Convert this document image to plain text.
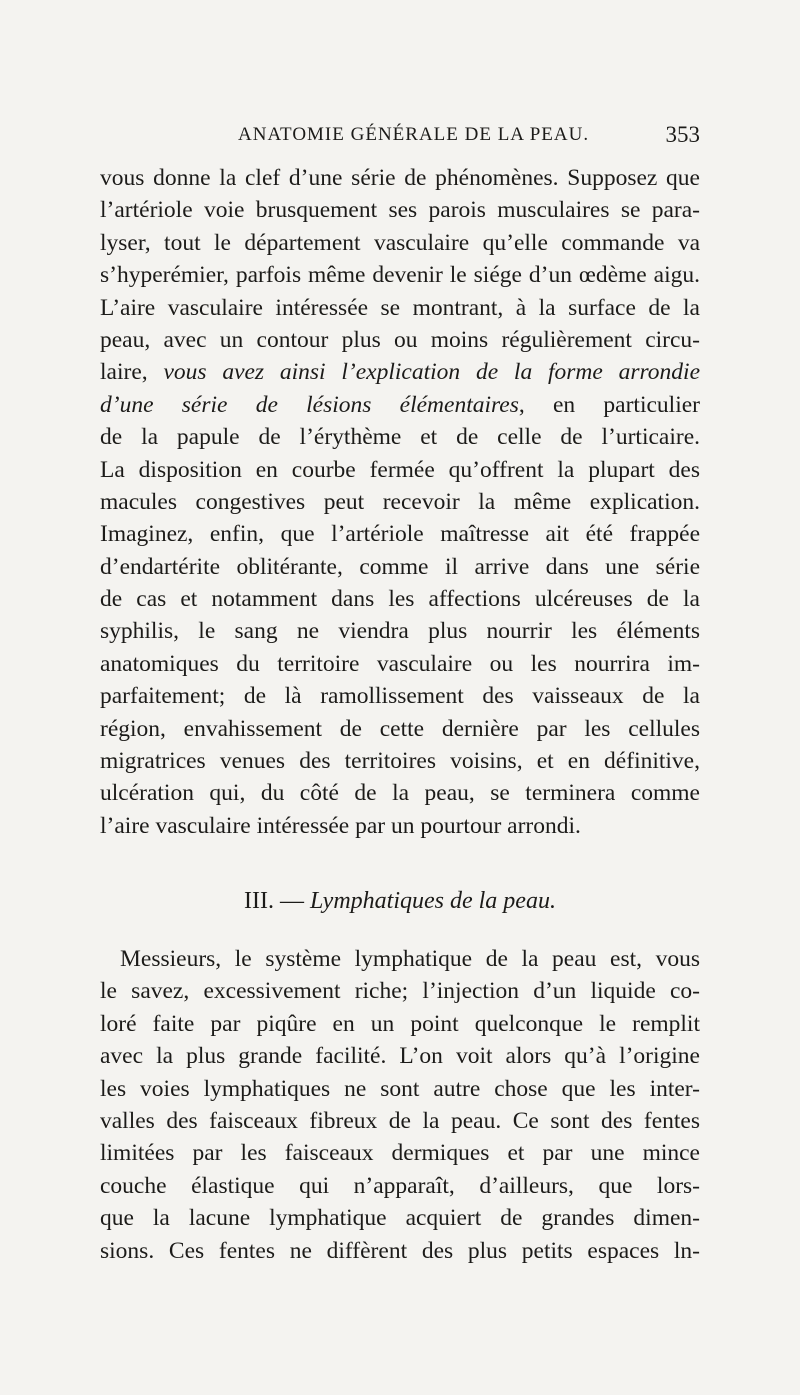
ANATOMIE GÉNÉRALE DE LA PEAU.	353
vous donne la clef d’une série de phénomènes. Supposez que
l’artériole voie brusquement ses parois musculaires se para-
lyser, tout le département vasculaire qu’elle commande va
s’hyperémier, parfois même devenir le siége d’un œdème aigu.
L’aire vasculaire intéressée se montrant, à la surface de la
peau, avec un contour plus ou moins régulièrement circu-
laire, vous avez ainsi l’explication de la forme arrondie
d’une série de lésions élémentaires, en particulier
de la papule de l’érythème et de celle de l’urticaire.
La disposition en courbe fermée qu’offrent la plupart des
macules congestives peut recevoir la même explication.
Imaginez, enfin, que l’artériole maîtresse ait été frappée
d’endartérite oblitérante, comme il arrive dans une série
de cas et notamment dans les affections ulcéreuses de la
syphilis, le sang ne viendra plus nourrir les éléments
anatomiques du territoire vasculaire ou les nourrira im-
parfaitement; de là ramollissement des vaisseaux de la
région, envahissement de cette dernière par les cellules
migratrices venues des territoires voisins, et en définitive,
ulcération qui, du côté de la peau, se terminera comme
l’aire vasculaire intéressée par un pourtour arrondi.
III. — Lymphatiques de la peau.
Messieurs, le système lymphatique de la peau est, vous
le savez, excessivement riche; l’injection d’un liquide co-
loré faite par piqûre en un point quelconque le remplit
avec la plus grande facilité. L’on voit alors qu’à l’origine
les voies lymphatiques ne sont autre chose que les inter-
valles des faisceaux fibreux de la peau. Ce sont des fentes
limitées par les faisceaux dermiques et par une mince
couche élastique qui n’apparaît, d’ailleurs, que lors-
que la lacune lymphatique acquiert de grandes dimen-
sions. Ces fentes ne diffèrent des plus petits espaces ln-
